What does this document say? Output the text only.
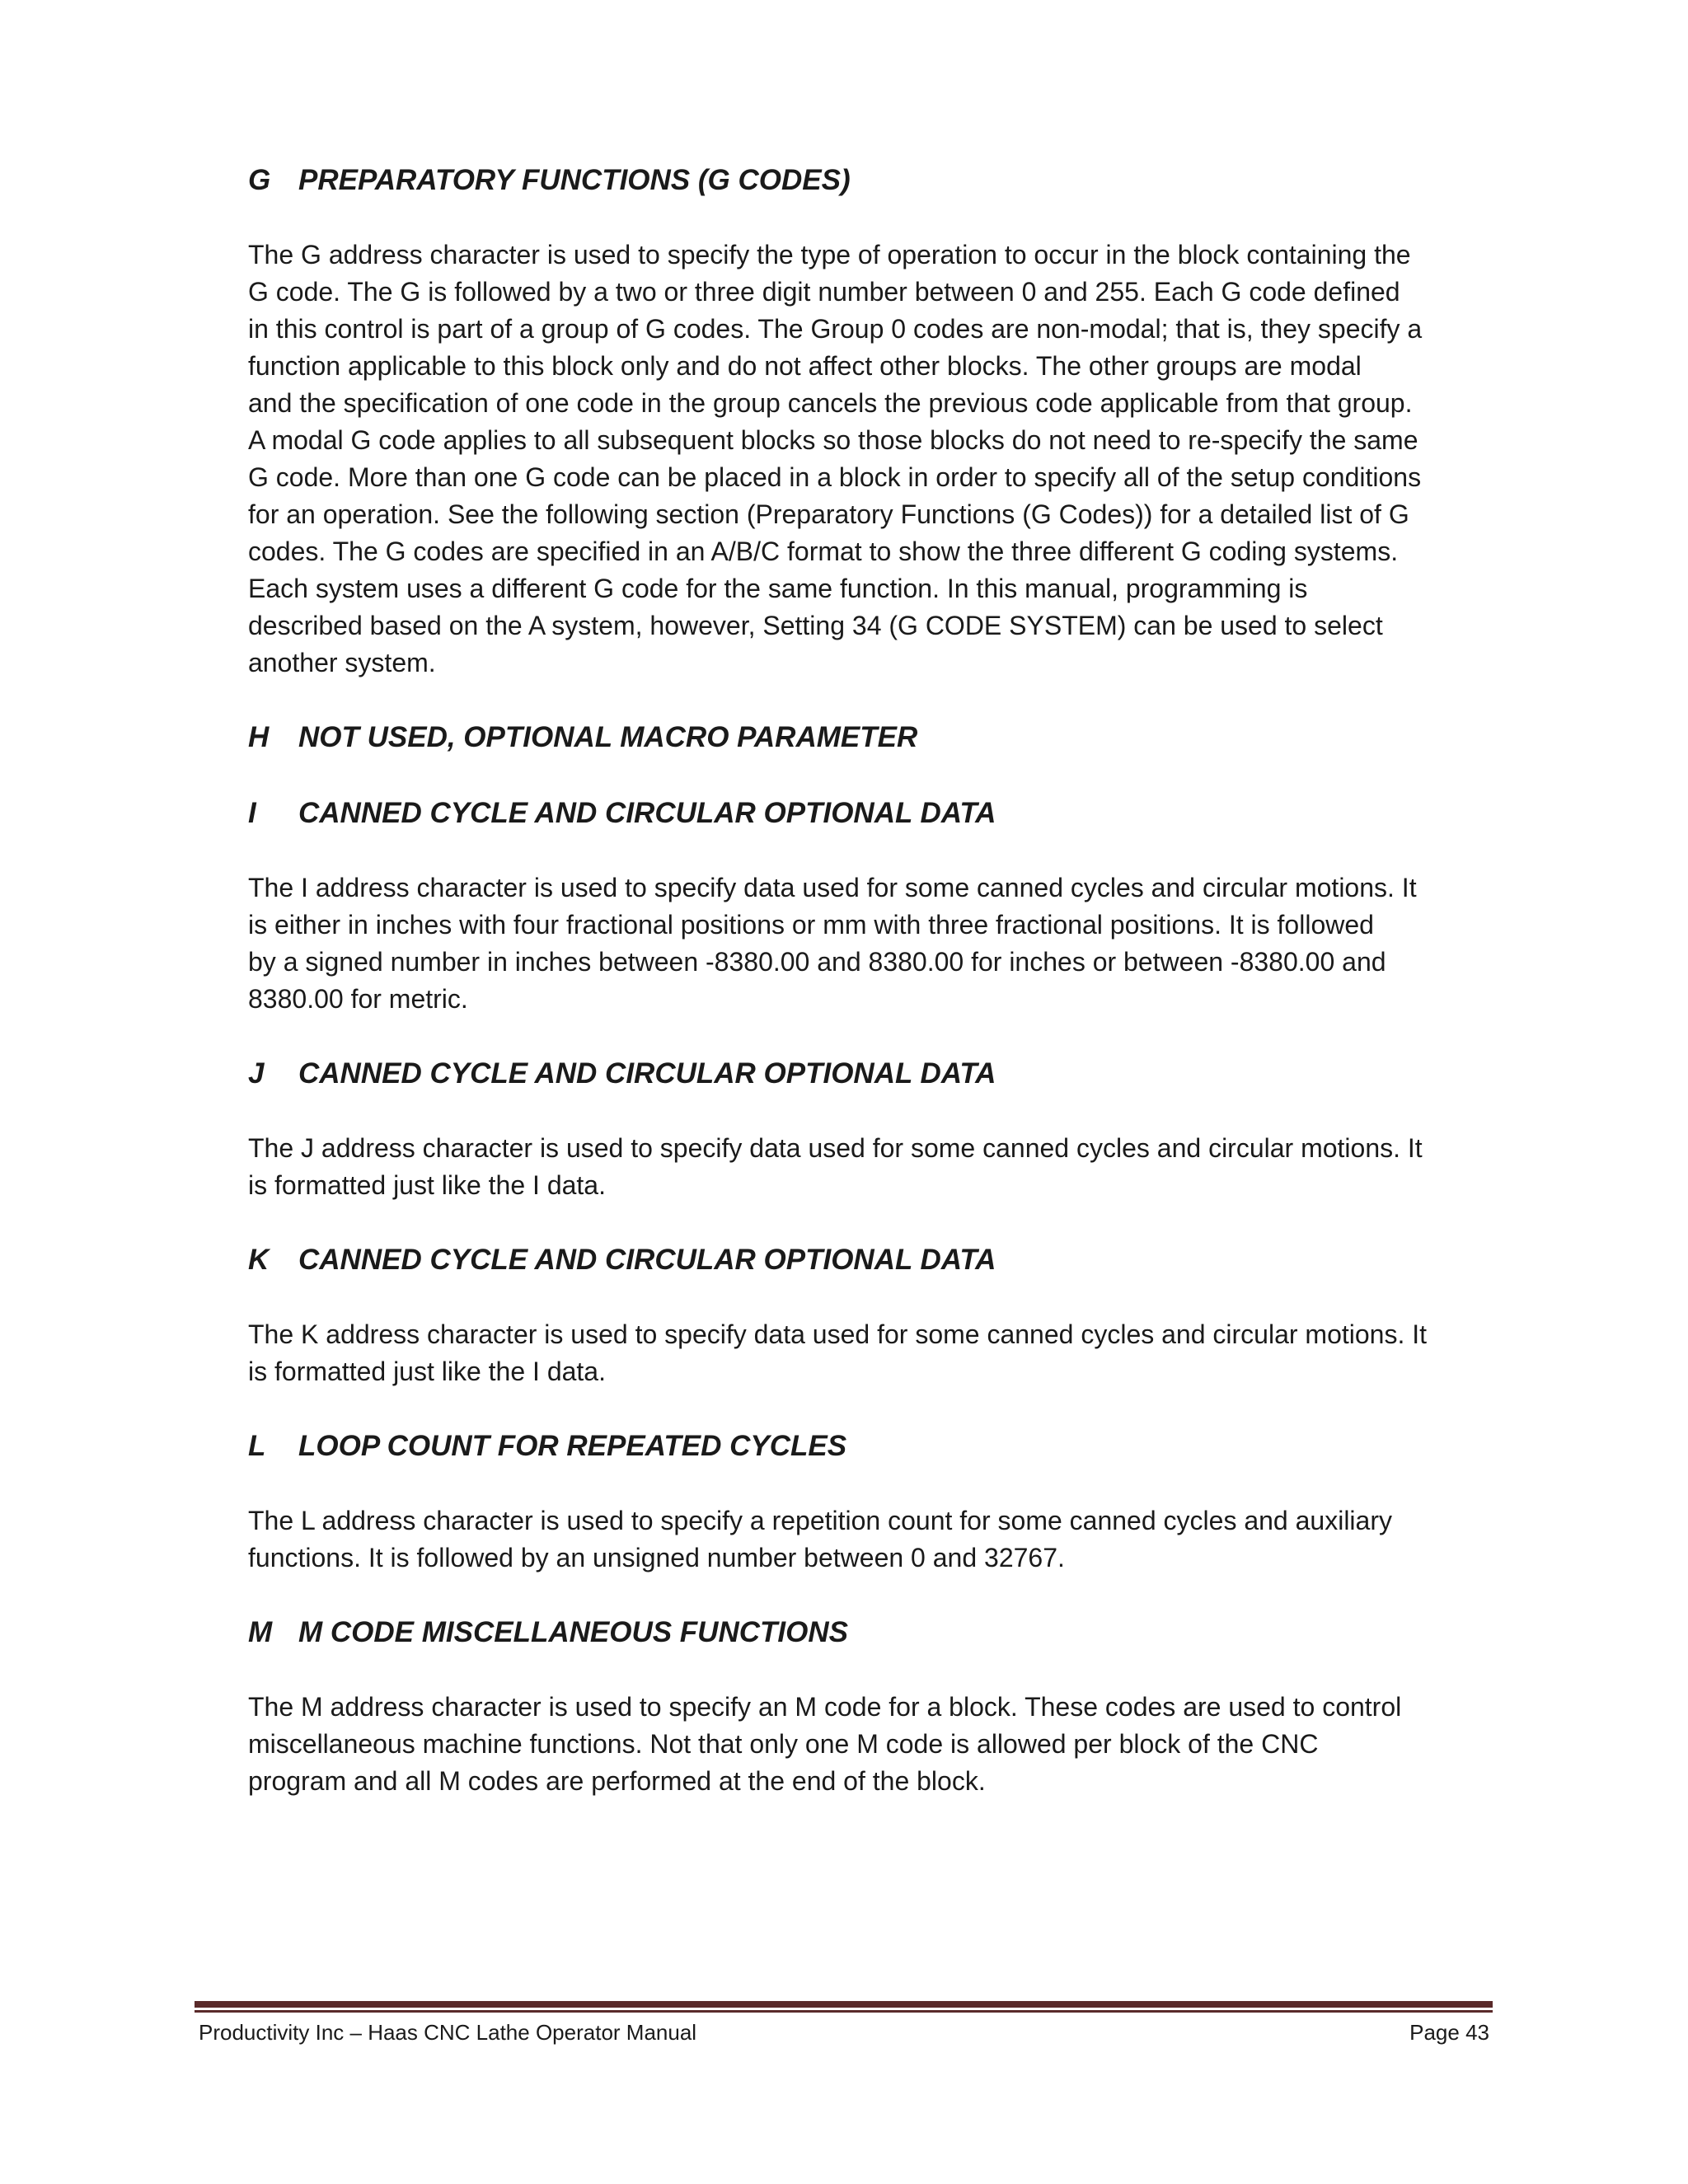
G PREPARATORY FUNCTIONS (G CODES)

The G address character is used to specify the type of operation to occur in the block containing the
G code. The G is followed by a two or three digit number between 0 and 255. Each G code defined
in this control is part of a group of G codes. The Group 0 codes are non-modal; that is, they specify a
function applicable to this block only and do not affect other blocks. The other groups are modal
and the specification of one code in the group cancels the previous code applicable from that group.
A modal G code applies to all subsequent blocks so those blocks do not need to re-specify the same
G code. More than one G code can be placed in a block in order to specify all of the setup conditions
for an operation. See the following section (Preparatory Functions (G Codes)) for a detailed list of G
codes. The G codes are specified in an A/B/C format to show the three different G coding systems.
Each system uses a different G code for the same function. In this manual, programming is
described based on the A system, however, Setting 34 (G CODE SYSTEM) can be used to select
another system.

H	NOT USED, OPTIONAL MACRO PARAMETER
I	CANNED CYCLE AND CIRCULAR OPTIONAL DATA

The I address character is used to specify data used for some canned cycles and circular motions. It
is either in inches with four fractional positions or mm with three fractional positions. It is followed
by a signed number in inches between -8380.00 and 8380.00 for inches or between -8380.00 and
8380.00 for metric.

J	CANNED CYCLE AND CIRCULAR OPTIONAL DATA

The J address character is used to specify data used for some canned cycles and circular motions. It
is formatted just like the I data.

K	CANNED CYCLE AND CIRCULAR OPTIONAL DATA

The K address character is used to specify data used for some canned cycles and circular motions. It
is formatted just like the I data.

L	LOOP COUNT FOR REPEATED CYCLES

The L address character is used to specify a repetition count for some canned cycles and auxiliary
functions. It is followed by an unsigned number between 0 and 32767.

M M CODE MISCELLANEOUS FUNCTIONS

The M address character is used to specify an M code for a block. These codes are used to control
miscellaneous machine functions. Not that only one M code is allowed per block of the CNC
program and all M codes are performed at the end of the block.

Productivity Inc – Haas CNC Lathe Operator Manual	Page 43
